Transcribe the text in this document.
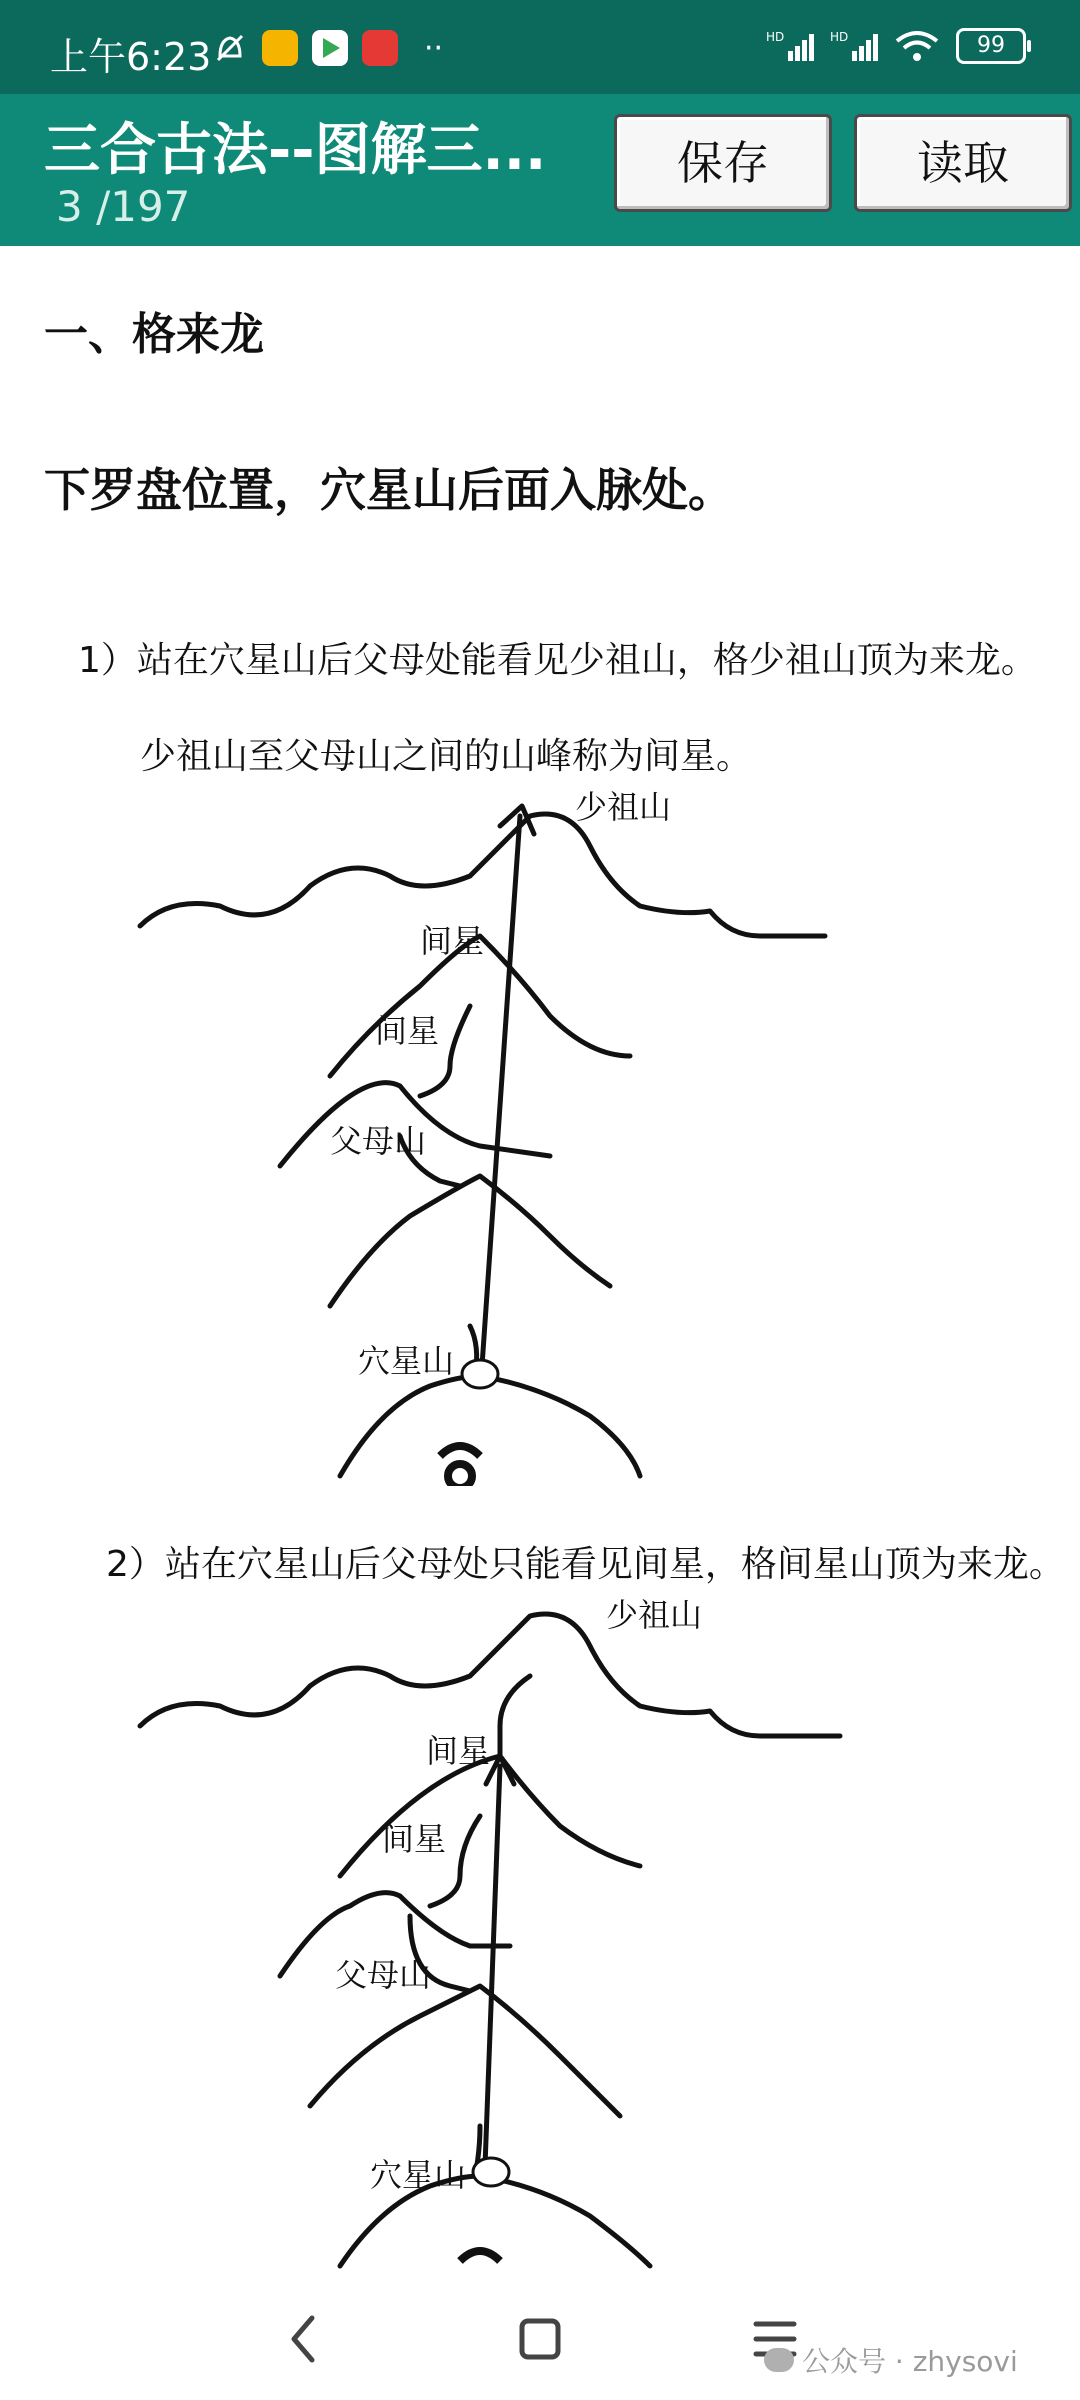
上午6:23	··	HD	HD	99
三合古法--图解三...
3 /197
保存	读取
一、格来龙
下罗盘位置，穴星山后面入脉处。
1）站在穴星山后父母处能看见少祖山，格少祖山顶为来龙。
少祖山至父母山之间的山峰称为间星。
少祖山
间星
间星
父母山
穴星山
2）站在穴星山后父母处只能看见间星，格间星山顶为来龙。
少祖山
间星
间星
父母山
穴星山
公众号 · zhysovi
